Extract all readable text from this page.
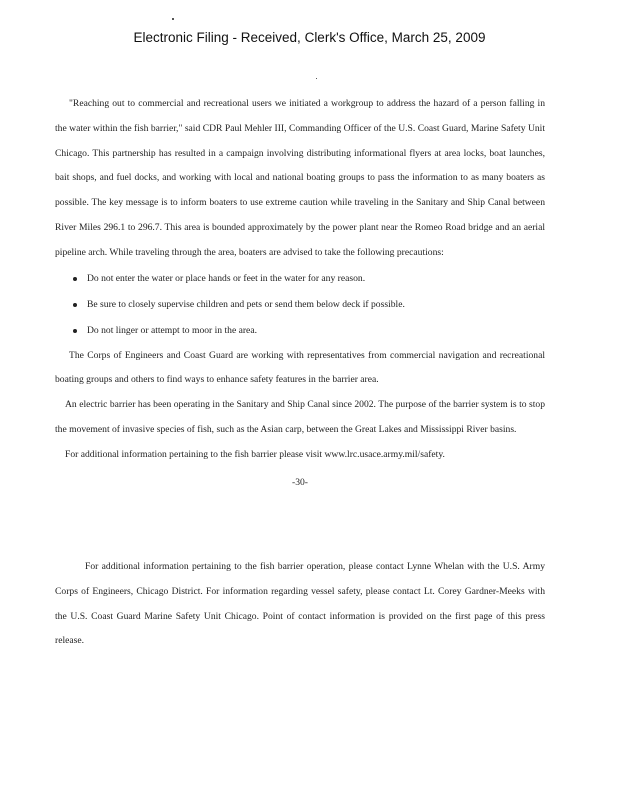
Electronic Filing - Received, Clerk's Office, March 25, 2009

"Reaching out to commercial and recreational users we initiated a workgroup to address the hazard of a person falling in the water within the fish barrier," said CDR Paul Mehler III, Commanding Officer of the U.S. Coast Guard, Marine Safety Unit Chicago. This partnership has resulted in a campaign involving distributing informational flyers at area locks, boat launches, bait shops, and fuel docks, and working with local and national boating groups to pass the information to as many boaters as possible. The key message is to inform boaters to use extreme caution while traveling in the Sanitary and Ship Canal between River Miles 296.1 to 296.7. This area is bounded approximately by the power plant near the Romeo Road bridge and an aerial pipeline arch. While traveling through the area, boaters are advised to take the following precautions:

Do not enter the water or place hands or feet in the water for any reason.
Be sure to closely supervise children and pets or send them below deck if possible.
Do not linger or attempt to moor in the area.

The Corps of Engineers and Coast Guard are working with representatives from commercial navigation and recreational boating groups and others to find ways to enhance safety features in the barrier area.

An electric barrier has been operating in the Sanitary and Ship Canal since 2002. The purpose of the barrier system is to stop the movement of invasive species of fish, such as the Asian carp, between the Great Lakes and Mississippi River basins.

For additional information pertaining to the fish barrier please visit www.lrc.usace.army.mil/safety.

-30-

For additional information pertaining to the fish barrier operation, please contact Lynne Whelan with the U.S. Army Corps of Engineers, Chicago District. For information regarding vessel safety, please contact Lt. Corey Gardner-Meeks with the U.S. Coast Guard Marine Safety Unit Chicago. Point of contact information is provided on the first page of this press release.
